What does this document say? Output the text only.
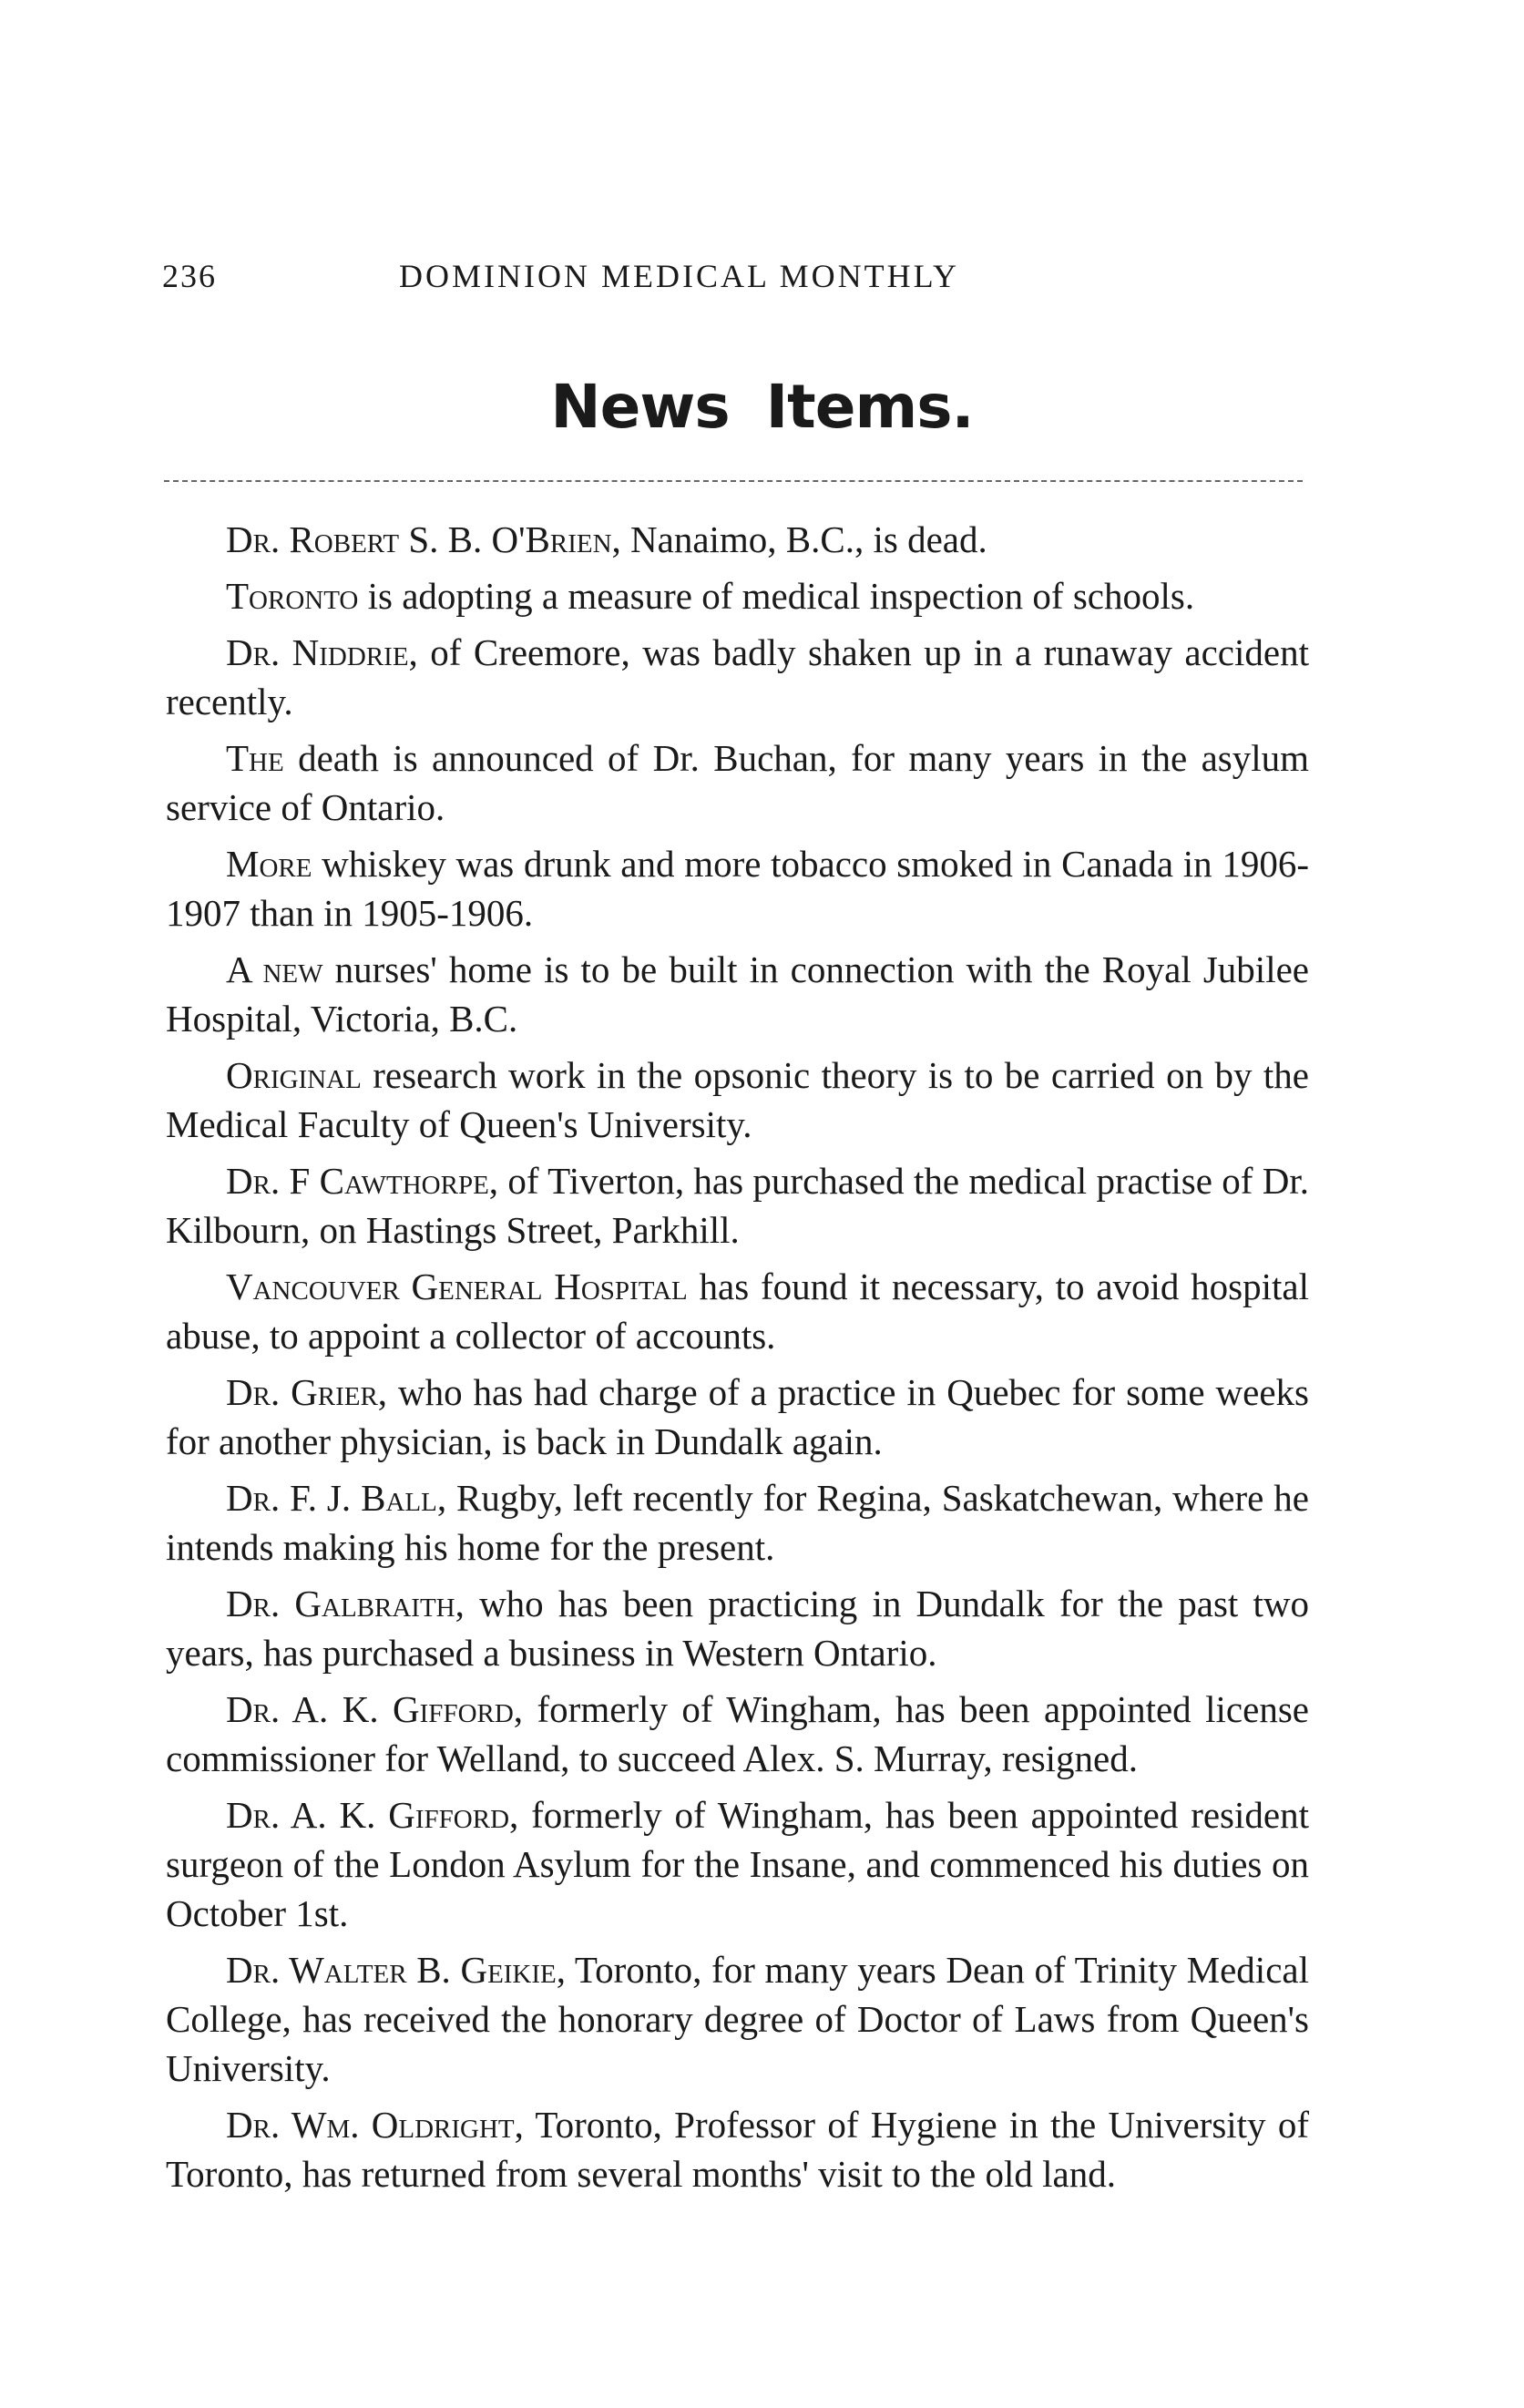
236	DOMINION MEDICAL MONTHLY
News Items.

Dr. Robert S. B. O'Brien, Nanaimo, B.C., is dead.

Toronto is adopting a measure of medical inspection of schools.

Dr. Niddrie, of Creemore, was badly shaken up in a runaway accident recently.

The death is announced of Dr. Buchan, for many years in the asylum service of Ontario.

More whiskey was drunk and more tobacco smoked in Canada in 1906-1907 than in 1905-1906.

A new nurses' home is to be built in connection with the Royal Jubilee Hospital, Victoria, B.C.

Original research work in the opsonic theory is to be carried on by the Medical Faculty of Queen's University.

Dr. F Cawthorpe, of Tiverton, has purchased the medical practise of Dr. Kilbourn, on Hastings Street, Parkhill.

Vancouver General Hospital has found it necessary, to avoid hospital abuse, to appoint a collector of accounts.

Dr. Grier, who has had charge of a practice in Quebec for some weeks for another physician, is back in Dundalk again.

Dr. F. J. Ball, Rugby, left recently for Regina, Saskatchewan, where he intends making his home for the present.

Dr. Galbraith, who has been practicing in Dundalk for the past two years, has purchased a business in Western Ontario.

Dr. A. K. Gifford, formerly of Wingham, has been appointed license commissioner for Welland, to succeed Alex. S. Murray, resigned.

Dr. A. K. Gifford, formerly of Wingham, has been appointed resident surgeon of the London Asylum for the Insane, and commenced his duties on October 1st.

Dr. Walter B. Geikie, Toronto, for many years Dean of Trinity Medical College, has received the honorary degree of Doctor of Laws from Queen's University.

Dr. Wm. Oldright, Toronto, Professor of Hygiene in the University of Toronto, has returned from several months' visit to the old land.
